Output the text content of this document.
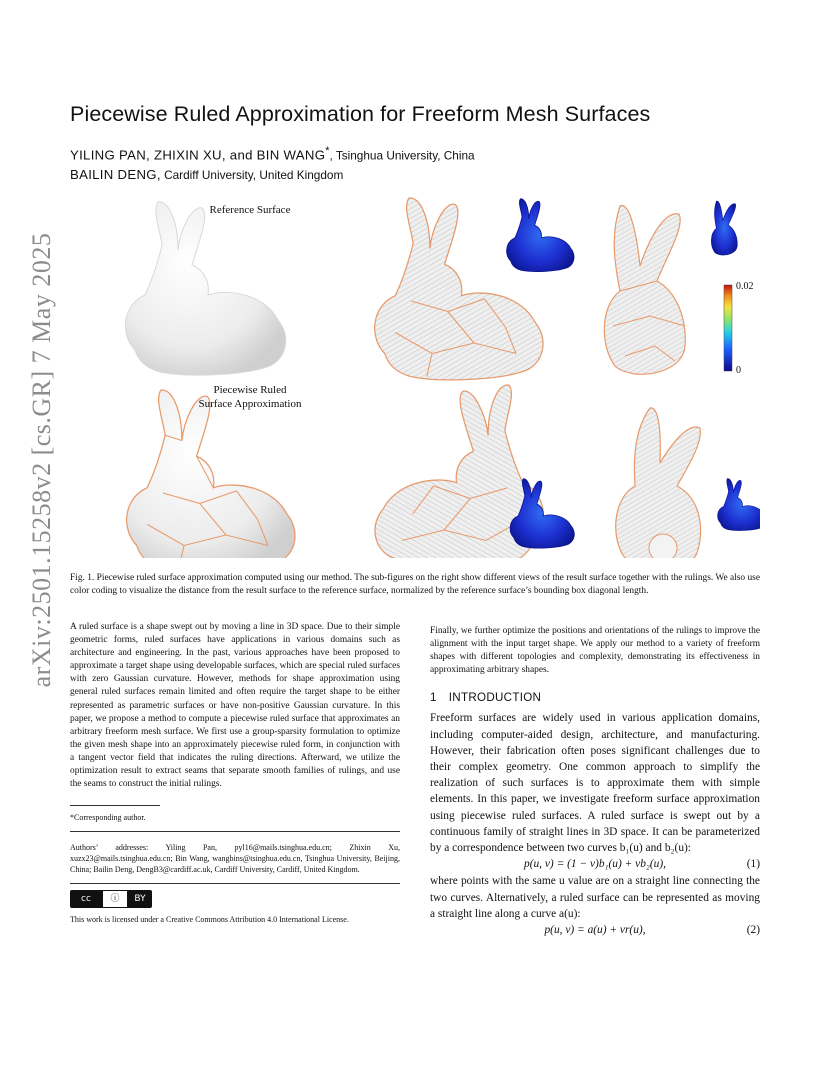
arXiv:2501.15258v2 [cs.GR] 7 May 2025
Piecewise Ruled Approximation for Freeform Mesh Surfaces
YILING PAN, ZHIXIN XU, and BIN WANG*, Tsinghua University, China
BAILIN DENG, Cardiff University, United Kingdom
Reference Surface
Piecewise Ruled
Surface Approximation
0.02
0
Fig. 1. Piecewise ruled surface approximation computed using our method. The sub-figures on the right show different views of the result surface together with the rulings. We also use color coding to visualize the distance from the result surface to the reference surface, normalized by the reference surface’s bounding box diagonal length.
A ruled surface is a shape swept out by moving a line in 3D space. Due to their simple geometric forms, ruled surfaces have applications in various domains such as architecture and engineering. In the past, various approaches have been proposed to approximate a target shape using developable surfaces, which are special ruled surfaces with zero Gaussian curvature. However, methods for shape approximation using general ruled surfaces remain limited and often require the target shape to be either represented as parametric surfaces or have non-positive Gaussian curvature. In this paper, we propose a method to compute a piecewise ruled surface that approximates an arbitrary freeform mesh surface. We first use a group-sparsity formulation to optimize the given mesh shape into an approximately piecewise ruled form, in conjunction with a tangent vector field that indicates the ruling directions. Afterward, we utilize the optimization result to extract seams that separate smooth families of rulings, and use the seams to construct the initial rulings.
*Corresponding author.
Authors’ addresses: Yiling Pan, pyl16@mails.tsinghua.edu.cn; Zhixin Xu, xuzx23@mails.tsinghua.edu.cn; Bin Wang, wangbins@tsinghua.edu.cn, Tsinghua University, Beijing, China; Bailin Deng, DengB3@cardiff.ac.uk, Cardiff University, Cardiff, United Kingdom.
cc	ⓘ	BY
This work is licensed under a Creative Commons Attribution 4.0 International License.
Finally, we further optimize the positions and orientations of the rulings to improve the alignment with the input target shape. We apply our method to a variety of freeform shapes with different topologies and complexity, demonstrating its effectiveness in approximating arbitrary shapes.
1 INTRODUCTION
Freeform surfaces are widely used in various application domains, including computer-aided design, architecture, and manufacturing. However, their fabrication often poses significant challenges due to their complex geometry. One common approach to simplify the realization of such surfaces is to approximate them with simple elements. In this paper, we investigate freeform surface approximation using piecewise ruled surfaces. A ruled surface is swept out by a continuous family of straight lines in 3D space. It can be parameterized by a correspondence between two curves b₁(u) and b₂(u):
p(u, v) = (1 − v)b₁(u) + vb₂(u),	(1)
where points with the same u value are on a straight line connecting the two curves. Alternatively, a ruled surface can be represented as moving a straight line along a curve a(u):
p(u, v) = a(u) + vr(u),	(2)
